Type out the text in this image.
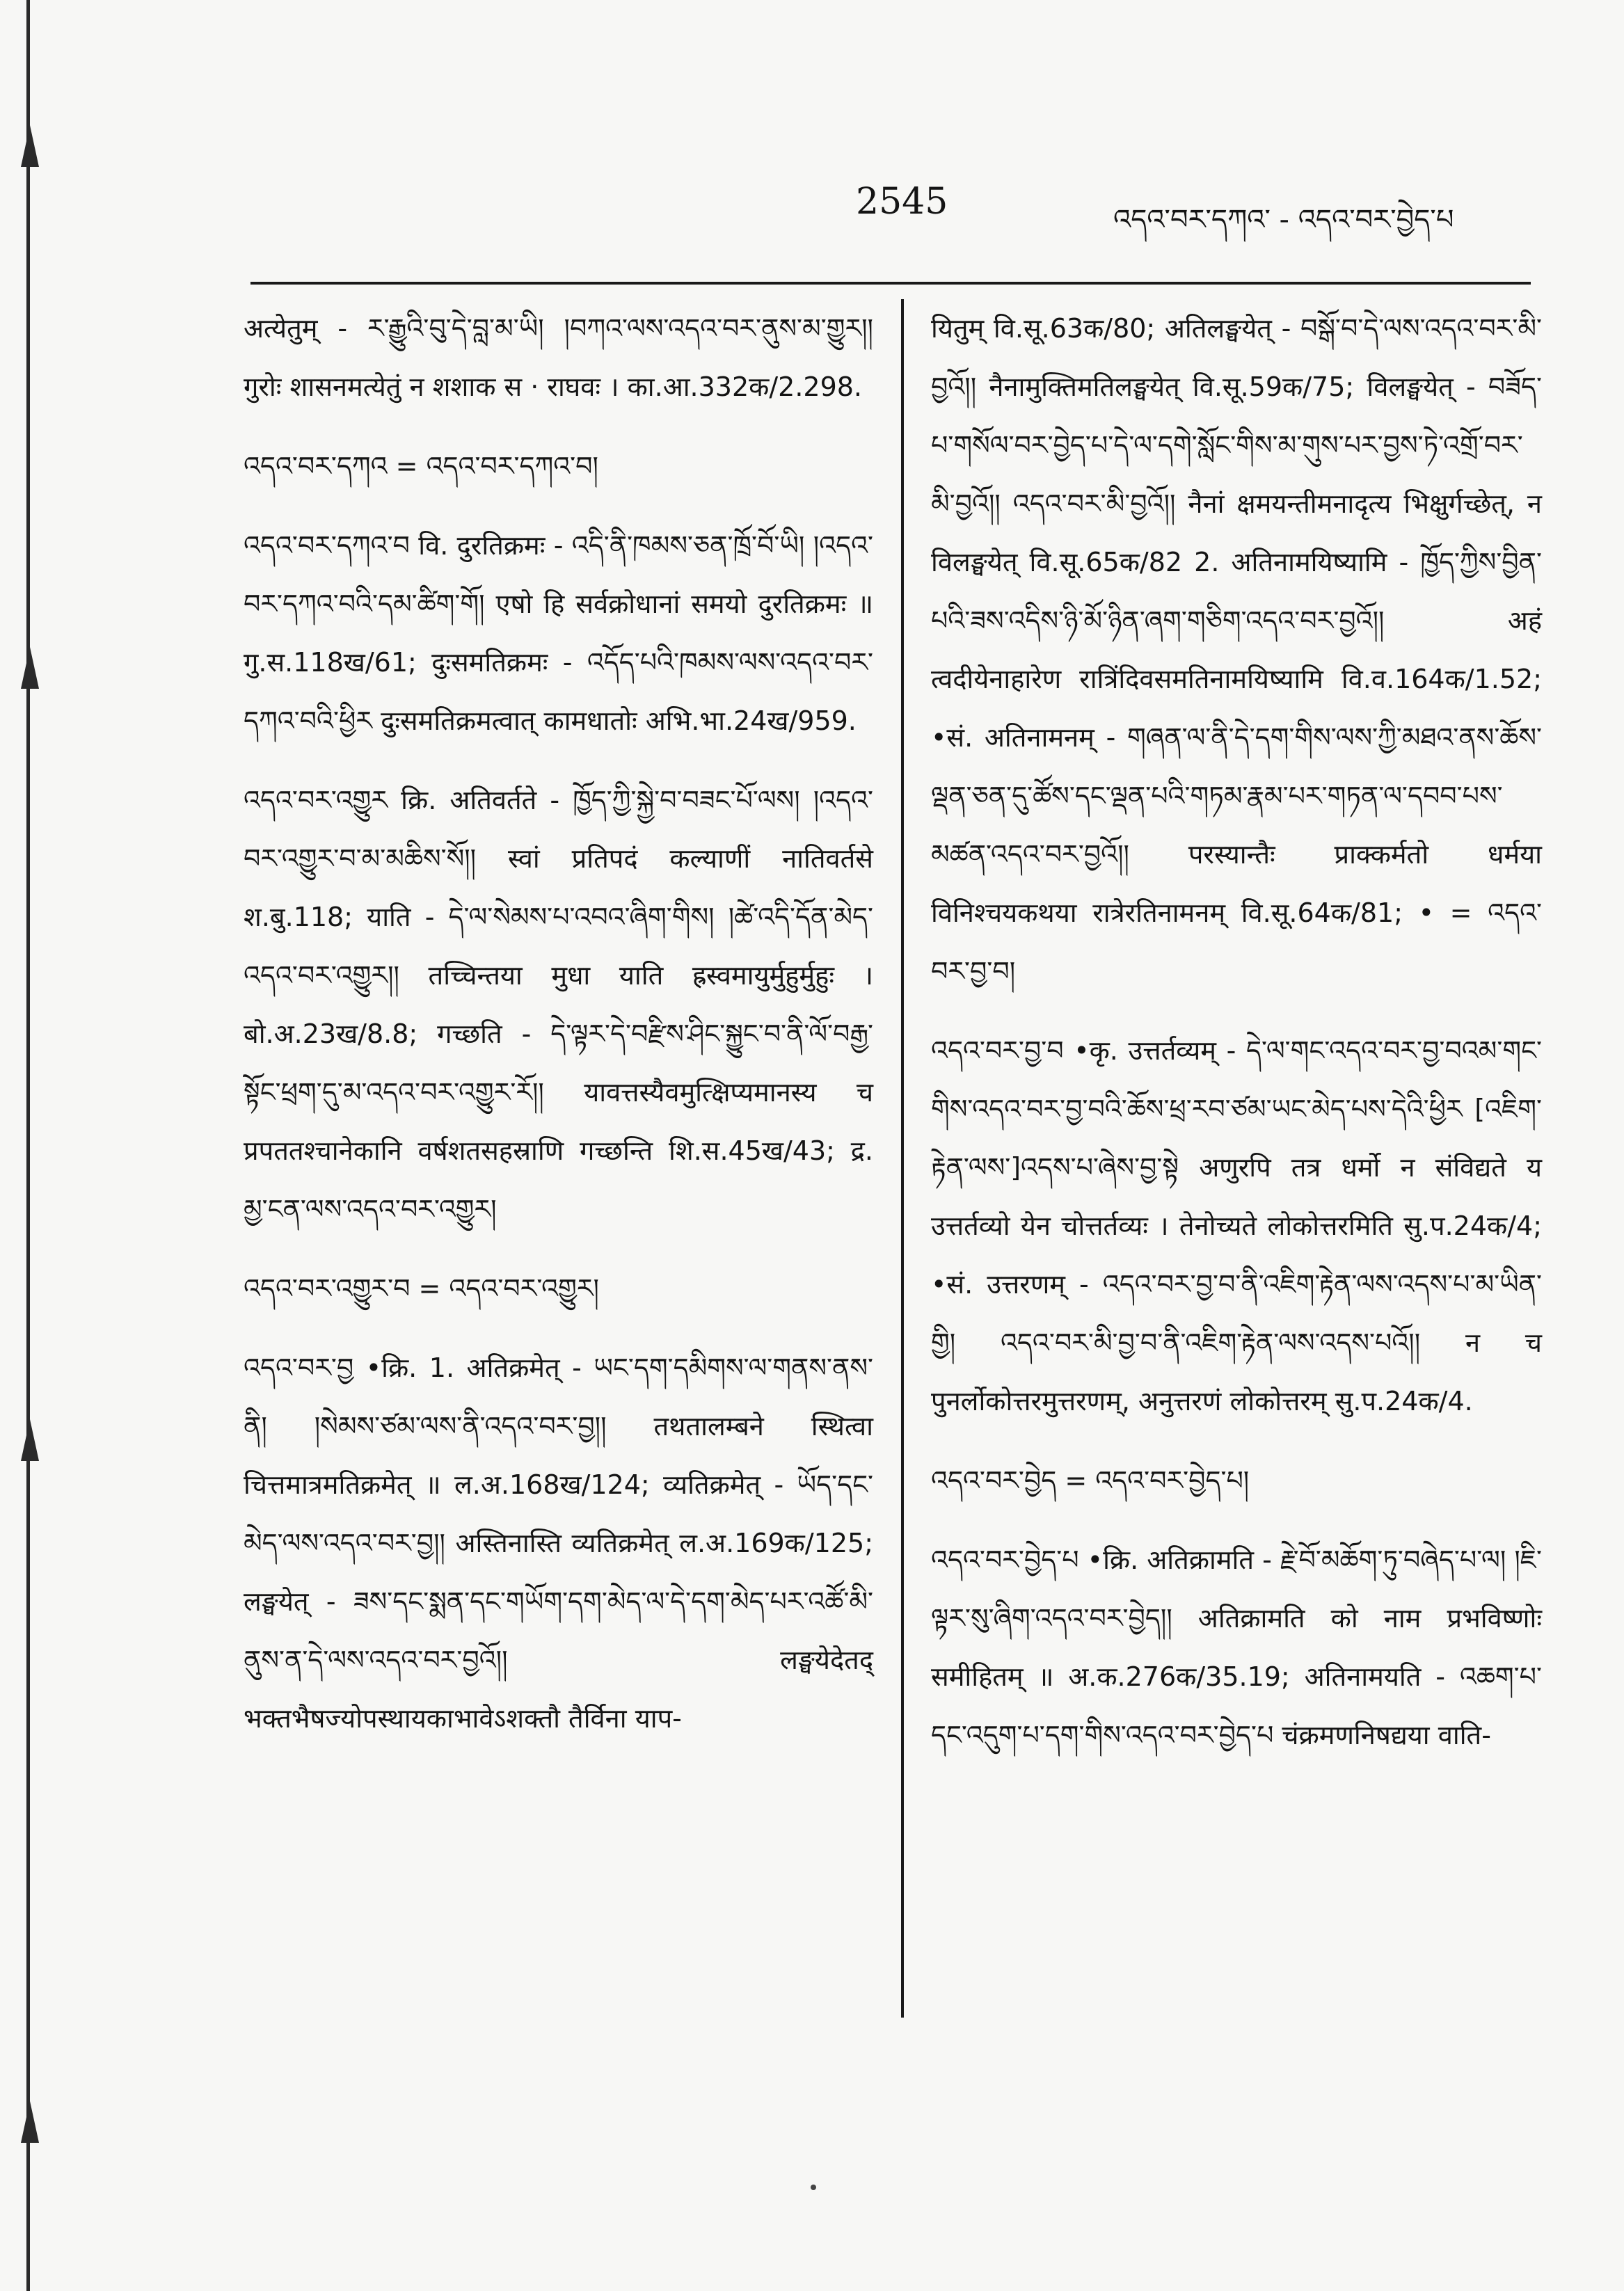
2545	འདའ་བར་དཀའ་ - འདའ་བར་བྱེད་པ
अत्येतुम् - ར་རྒྱུའི་བུ་དེ་བླ་མ་ཡི། །བཀའ་ལས་འདའ་བར་ནུས་མ་གྱུར།། गुरोः शासनमत्येतुं न शशाक स · राघवः । का.आ.332क/2.298.
འདའ་བར་དཀའ = འདའ་བར་དཀའ་བ།
འདའ་བར་དཀའ་བ वि. दुरतिक्रमः - འདི་ནི་ཁམས་ཅན་ཁྲོ་བོ་ཡི། །འདའ་བར་དཀའ་བའི་དམ་ཚིག་གོ། एषो हि सर्वक्रोधानां समयो दुरतिक्रमः ॥ गु.स.118ख/61; दुःसमतिक्रमः - འདོད་པའི་ཁམས་ལས་འདའ་བར་དཀའ་བའི་ཕྱིར दुःसमतिक्रमत्वात् कामधातोः अभि.भा.24ख/959.
འདའ་བར་འགྱུར क्रि. अतिवर्तते - ཁྱོད་ཀྱི་སྐྱེ་བ་བཟང་པོ་ལས། །འདའ་བར་འགྱུར་བ་མ་མཆིས་སོ།། स्वां प्रतिपदं कल्याणीं नातिवर्तसे श.बु.118; याति - དེ་ལ་སེམས་པ་འབའ་ཞིག་གིས། །ཚེ་འདི་དོན་མེད་འདའ་བར་འགྱུར།། तच्चिन्तया मुधा याति ह्रस्वमायुर्मुहुर्मुहुः । बो.अ.23ख/8.8; गच्छति - དེ་ལྟར་དེ་བརྫིས་ཤིང་སྐྱུང་བ་ནི་ལོ་བརྒྱ་སྟོང་ཕྲག་དུ་མ་འདའ་བར་འགྱུར་རོ།། यावत्तस्यैवमुत्क्षिप्यमानस्य च प्रपततश्चानेकानि वर्षशतसहस्राणि गच्छन्ति शि.स.45ख/43; द्र. མྱ་ངན་ལས་འདའ་བར་འགྱུར།
འདའ་བར་འགྱུར་བ = འདའ་བར་འགྱུར།
འདའ་བར་བྱ •क्रि. 1. अतिक्रमेत् - ཡང་དག་དམིགས་ལ་གནས་ནས་ནི། །སེམས་ཙམ་ལས་ནི་འདའ་བར་བྱ།། तथतालम्बने स्थित्वा चित्तमात्रमतिक्रमेत् ॥ ल.अ.168ख/124; व्यतिक्रमेत् - ཡོད་དང་མེད་ལས་འདའ་བར་བྱ།། अस्तिनास्ति व्यतिक्रमेत् ल.अ.169क/125; लङ्घयेत् - ཟས་དང་སྨན་དང་གཡོག་དག་མེད་ལ་དེ་དག་མེད་པར་འཚོ་མི་ནུས་ན་དེ་ལས་འདའ་བར་བྱའོ།། लङ्घयेदेतद् भक्तभैषज्योपस्थायकाभावेऽशक्तौ तैर्विना याप-
यितुम् वि.सू.63क/80; अतिलङ्घयेत् - བསྒོ་བ་དེ་ལས་འདའ་བར་མི་བྱའོ།། नैनामुक्तिमतिलङ्घयेत् वि.सू.59क/75; विलङ्घयेत् - བཟོད་པ་གསོལ་བར་བྱེད་པ་དེ་ལ་དགེ་སློང་གིས་མ་གུས་པར་བྱས་ཏེ་འགྲོ་བར་མི་བྱའོ།། འདའ་བར་མི་བྱའོ།། नैनां क्षमयन्तीमनादृत्य भिक्षुर्गच्छेत्, न विलङ्घयेत् वि.सू.65क/82 2. अतिनामयिष्यामि - ཁྱོད་ཀྱིས་བྱིན་པའི་ཟས་འདིས་ཉི་མོ་ཉིན་ཞག་གཅིག་འདའ་བར་བྱའོ།། अहं त्वदीयेनाहारेण रात्रिंदिवसमतिनामयिष्यामि वि.व.164क/1.52; •सं. अतिनामनम् - གཞན་ལ་ནི་དེ་དག་གིས་ལས་ཀྱི་མཐའ་ནས་ཆོས་ལྡན་ཅན་དུ་ཚོས་དང་ལྡན་པའི་གཏམ་རྣམ་པར་གཏན་ལ་དབབ་པས་མཚན་འདའ་བར་བྱའོ།། परस्यान्तैः प्राक्कर्मतो धर्मया विनिश्चयकथया रात्रेरतिनामनम् वि.सू.64क/81; • = འདའ་བར་བྱ་བ།
འདའ་བར་བྱ་བ •कृ. उत्तर्तव्यम् - དེ་ལ་གང་འདའ་བར་བྱ་བའམ་གང་གིས་འདའ་བར་བྱ་བའི་ཆོས་ཕྲ་རབ་ཙམ་ཡང་མེད་པས་དེའི་ཕྱིར [འཇིག་རྟེན་ལས་]འདས་པ་ཞེས་བྱ་སྟེ अणुरपि तत्र धर्मो न संविद्यते य उत्तर्तव्यो येन चोत्तर्तव्यः । तेनोच्यते लोकोत्तरमिति सु.प.24क/4; •सं. उत्तरणम् - འདའ་བར་བྱ་བ་ནི་འཇིག་རྟེན་ལས་འདས་པ་མ་ཡིན་གྱི། འདའ་བར་མི་བྱ་བ་ནི་འཇིག་རྟེན་ལས་འདས་པའོ།། न च पुनर्लोकोत्तरमुत्तरणम्, अनुत्तरणं लोकोत्तरम् सु.प.24क/4.
འདའ་བར་བྱེད = འདའ་བར་བྱེད་པ།
འདའ་བར་བྱེད་པ •क्रि. अतिक्रामति - རྗེ་བོ་མཆོག་ཏུ་བཞེད་པ་ལ། །ཇི་ལྟར་སུ་ཞིག་འདའ་བར་བྱེད།། अतिक्रामति को नाम प्रभविष्णोः समीहितम् ॥ अ.क.276क/35.19; अतिनामयति - འཆག་པ་དང་འདུག་པ་དག་གིས་འདའ་བར་བྱེད་པ चंक्रमणनिषद्यया वाति-
